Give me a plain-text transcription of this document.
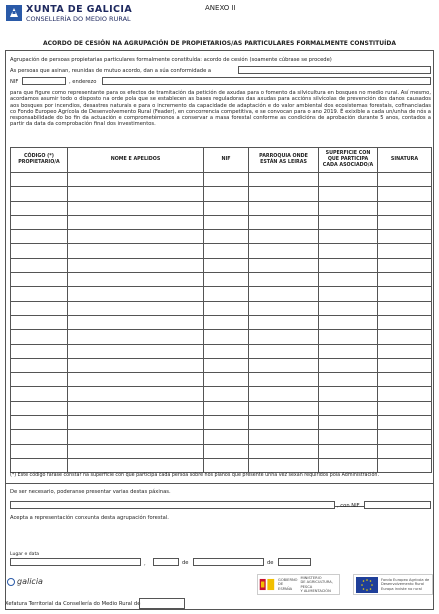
XUNTA DE GALICIA
CONSELLERÍA DO MEDIO RURAL
ANEXO II
ACORDO DE CESIÓN NA AGRUPACIÓN DE PROPIETARIOS/AS PARTICULARES FORMALMENTE CONSTITUÍDA
Agrupación de persoas propietarias particulares formalmente constituída: acordo de cesión (soamente cúbrase se procede)
As persoas que asinan, reunidas de mutuo acordo, dan a súa conformidade a
NIF	, enderezo
para que figure como representante para os efectos de tramitación da petición de axudas para o fomento da silvicultura en bosques no medio rural. Así mesmo, acordamos asumir todo o disposto na orde pola que se establecen as bases reguladoras das axudas para accións silvícolas de prevención dos danos causados aos bosques por incendios, desastres naturais e para o incremento da capacidade de adaptación e do valor ambiental dos ecosistemas forestais, cofinanciadas co Fondo Europeo Agrícola de Desenvolvemento Rural (Feader), en concorrencia competitiva, e se convocan para o ano 2019. É exixible a cada un/unha de nós a responsabilidade do bo fin da actuación e comprometémonos a conservar a masa forestal conforme as condicións de aprobación durante 5 anos, contados a partir da data da comprobación final dos investimentos.
CÓDIGO (*) PROPIETARIO/A	NOME E APELIDOS	NIF	PARROQUIA ONDE ESTÁN AS LEIRAS	SUPERFICIE CON QUE PARTICIPA CADA ASOCIADO/A	SINATURA

(*) Este código farase constar na superficie con que participa cada persoa sobre nos planos que presente unha vez sexan requiridos pola Administración.
De ser necesario, poderanse presentar varias destas páxinas.
, con NIF
Acepta a representación conxunta desta agrupación forestal.
Lugar e data
,	de	de
galicia	GOBIERNO
DE ESPAÑA
MINISTERIO
DE AGRICULTURA, PESCA
Y ALIMENTACIÓN
Fondo Europeo Agrícola de
Desenvolvemento Rural
Europa inviste no rural
Xefatura Territorial da Consellería do Medio Rural de
